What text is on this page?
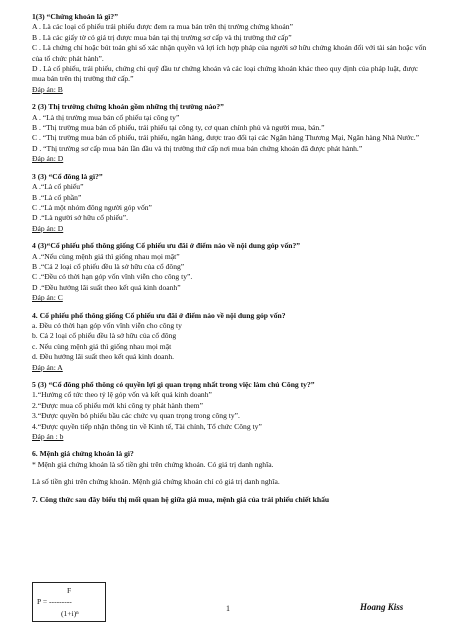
1(3) “Chứng khoán là gì?”
A . Là các loại cổ phiếu trái phiếu được đem ra mua bán trên thị trường chứng khoán”
B . Là các giấy tờ có giá trị được mua bán tại thị trường sơ cấp và thị trường thứ cấp”
C . Là chứng chỉ hoặc bút toán ghi số xác nhận quyền và lợi ích hợp pháp của người sở hữu chứng khoán đối với tài sản hoặc vốn của tổ chức phát hành”.
D . Là cổ phiếu, trái phiếu, chứng chỉ quỹ đầu tư chứng khoán và các loại chứng khoán khác theo quy định của pháp luật, được mua bán trên thị trường thứ cấp.”
Đáp án: B
2 (3) Thị trường chứng khoán gồm những thị trường nào?”
A . “Là thị trường mua bán cổ phiếu tại công ty”
B . “Thị trường mua bán cổ phiếu, trái phiếu tại công ty, cơ quan chính phủ và người mua, bán.”
C . “Thị trường mua bán cổ phiếu, trái phiếu, ngân hàng, được trao đổi tại các Ngân hàng Thương Mại, Ngân hàng Nhà Nước.”
D . “Thị trường sơ cấp mua bán lần đầu và thị trường thứ cấp nơi mua bán chứng khoán đã được phát hành.”
Đáp án: D
3 (3) “Cổ đông là gì?”
A .“Là cổ phiếu”
B .“Là cổ phần”
C .“Là một nhóm đông người góp vốn”
D .“Là người sở hữu cổ phiếu”.
Đáp án: D
4 (3)“Cổ phiếu phổ thông giống Cổ phiếu ưu đãi ở điểm nào về nội dung góp vốn?”
A .“Nếu cùng mệnh giá thì giống nhau mọi mặt”
B .“Cả 2 loại cổ phiếu đều là sở hữu của cổ đông”
C .“Đều có thời hạn góp vốn vĩnh viễn cho công ty”.
D .“Đều hưởng lãi suất theo kết quả kinh doanh”
Đáp án: C
4. Cổ phiếu phổ thông giống Cổ phiếu ưu đãi ở điểm nào về nội dung góp vốn?
a. Đều có thời hạn góp vốn vĩnh viễn cho công ty
b. Cả 2 loại cổ phiếu đều là sở hữu của cổ đông
c. Nếu cùng mệnh giá thì giống nhau mọi mặt
d. Đều hưởng lãi suất theo kết quả kinh doanh.
Đáp án: A
5 (3) “Cổ đông phổ thông có quyền lợi gì quan trọng nhất trong việc làm chủ Công ty?”
1.“Hưởng cổ tức theo tỷ lệ góp vốn và kết quả kinh doanh”
2.“Được mua cổ phiếu mới khi công ty phát hành them”
3.“Được quyền bỏ phiếu bầu các chức vụ quan trọng trong công ty”.
4.“Được quyền tiếp nhận thông tin về Kinh tế, Tài chính, Tổ chức Công ty”
Đáp án : b
6. Mệnh giá chứng khoán là gì?
* Mệnh giá chứng khoán là số tiền ghi trên chứng khoán. Có giá trị danh nghĩa.
Là số tiền ghi trên chứng khoán. Mệnh giá chứng khoán chỉ có giá trị danh nghĩa.
7. Công thức sau đây biểu thị mối quan hệ giữa giá mua, mệnh giá của trái phiếu chiết khấu
F
P = ---------
(1+i)ⁿ
1	Hoang Kiss
